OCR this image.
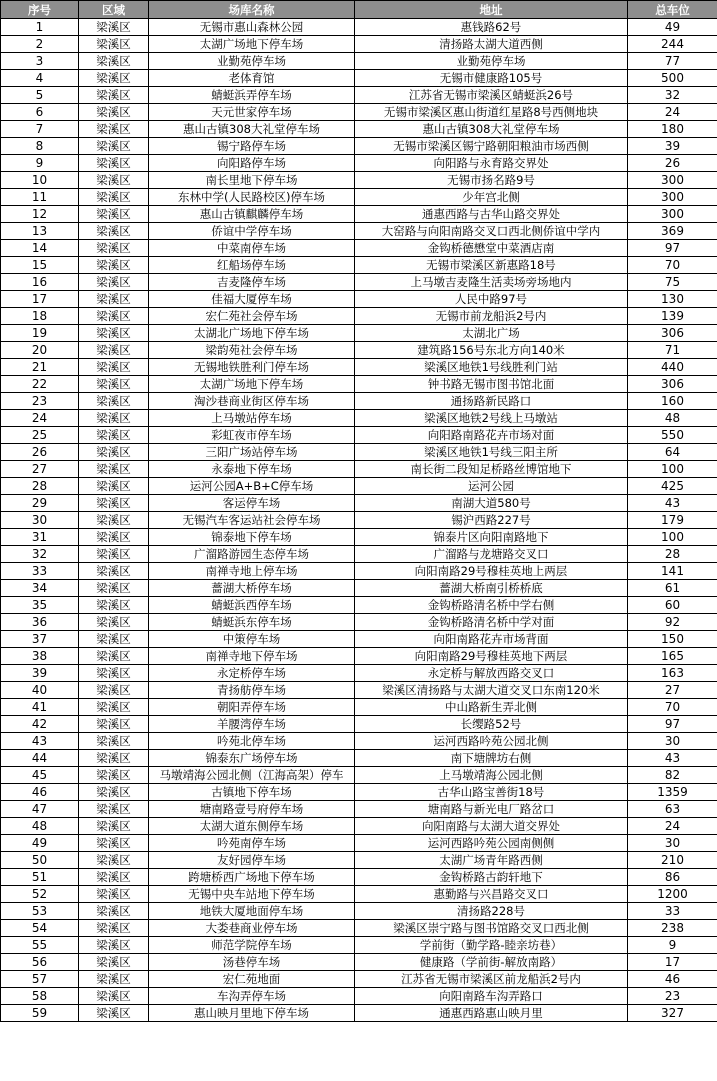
序号	区域	场库名称	地址	总车位
1	梁溪区	无锡市惠山森林公园	惠钱路62号	49
2	梁溪区	太湖广场地下停车场	清扬路太湖大道西侧	244
3	梁溪区	业勤苑停车场	业勤苑停车场	77
4	梁溪区	老体育馆	无锡市健康路105号	500
5	梁溪区	蜻蜓浜弄停车场	江苏省无锡市梁溪区蜻蜓浜26号	32
6	梁溪区	天元世家停车场	无锡市梁溪区惠山街道红星路8号西侧地块	24
7	梁溪区	惠山古镇308大礼堂停车场	惠山古镇308大礼堂停车场	180
8	梁溪区	锡宁路停车场	无锡市梁溪区锡宁路朝阳粮油市场西侧	39
9	梁溪区	向阳路停车场	向阳路与永育路交界处	26
10	梁溪区	南长里地下停车场	无锡市扬名路9号	300
11	梁溪区	东林中学(人民路校区)停车场	少年宫北侧	300
12	梁溪区	惠山古镇麒麟停车场	通惠西路与古华山路交界处	300
13	梁溪区	侨谊中学停车场	大窑路与向阳南路交叉口西北侧侨谊中学内	369
14	梁溪区	中菜南停车场	金钩桥德懋堂中菜酒店南	97
15	梁溪区	红船场停车场	无锡市梁溪区新惠路18号	70
16	梁溪区	吉麦隆停车场	上马墩吉麦隆生活卖场旁场地内	75
17	梁溪区	佳福大厦停车场	人民中路97号	130
18	梁溪区	宏仁苑社会停车场	无锡市前龙船浜2号内	139
19	梁溪区	太湖北广场地下停车场	太湖北广场	306
20	梁溪区	梁韵苑社会停车场	建筑路156号东北方向140米	71
21	梁溪区	无锡地铁胜利门停车场	梁溪区地铁1号线胜利门站	440
22	梁溪区	太湖广场地下停车场	钟书路无锡市图书馆北面	306
23	梁溪区	淘沙巷商业街区停车场	通扬路新民路口	160
24	梁溪区	上马墩站停车场	梁溪区地铁2号线上马墩站	48
25	梁溪区	彩虹夜市停车场	向阳路南路花卉市场对面	550
26	梁溪区	三阳广场站停车场	梁溪区地铁1号线三阳主所	64
27	梁溪区	永泰地下停车场	南长街二段知足桥路丝博馆地下	100
28	梁溪区	运河公园A+B+C停车场	运河公园	425
29	梁溪区	客运停车场	南湖大道580号	43
30	梁溪区	无锡汽车客运站社会停车场	锡沪西路227号	179
31	梁溪区	锦泰地下停车场	锦泰片区向阳南路地下	100
32	梁溪区	广溜路游园生态停车场	广溜路与龙塘路交叉口	28
33	梁溪区	南禅寺地上停车场	向阳南路29号穆桂英地上两层	141
34	梁溪区	薔湖大桥停车场	薔湖大桥南引桥桥底	61
35	梁溪区	蜻蜓浜西停车场	金钩桥路清名桥中学右侧	60
36	梁溪区	蜻蜓浜东停车场	金钩桥路清名桥中学对面	92
37	梁溪区	中策停车场	向阳南路花卉市场背面	150
38	梁溪区	南禅寺地下停车场	向阳南路29号穆桂英地下两层	165
39	梁溪区	永定桥停车场	永定桥与解放西路交叉口	163
40	梁溪区	青扬舫停车场	梁溪区清扬路与太湖大道交叉口东南120米	27
41	梁溪区	朝阳弄停车场	中山路新生弄北侧	70
42	梁溪区	羊腰湾停车场	长缨路52号	97
43	梁溪区	吟苑北停车场	运河西路吟苑公园北侧	30
44	梁溪区	锦泰东广场停车场	南下塘牌坊右侧	43
45	梁溪区	马墩靖海公园北侧（江海高架）停车	上马墩靖海公园北侧	82
46	梁溪区	古镇地下停车场	古华山路宝善街18号	1359
47	梁溪区	塘南路壹号府停车场	塘南路与新光电厂路岔口	63
48	梁溪区	太湖大道东侧停车场	向阳南路与太湖大道交界处	24
49	梁溪区	吟苑南停车场	运河西路吟苑公园南侧侧	30
50	梁溪区	友好园停车场	太湖广场青年路西侧	210
51	梁溪区	跨塘桥西广场地下停车场	金钩桥路古韵轩地下	86
52	梁溪区	无锡中央车站地下停车场	惠勤路与兴昌路交叉口	1200
53	梁溪区	地铁大厦地面停车场	清扬路228号	33
54	梁溪区	大娄巷商业停车场	梁溪区崇宁路与图书馆路交叉口西北侧	238
55	梁溪区	师范学院停车场	学前街（勤学路-睦亲坊巷）	9
56	梁溪区	汤巷停车场	健康路（学前街-解放南路）	17
57	梁溪区	宏仁苑地面	江苏省无锡市梁溪区前龙船浜2号内	46
58	梁溪区	车沟弄停车场	向阳南路车沟弄路口	23
59	梁溪区	惠山映月里地下停车场	通惠西路惠山映月里	327
